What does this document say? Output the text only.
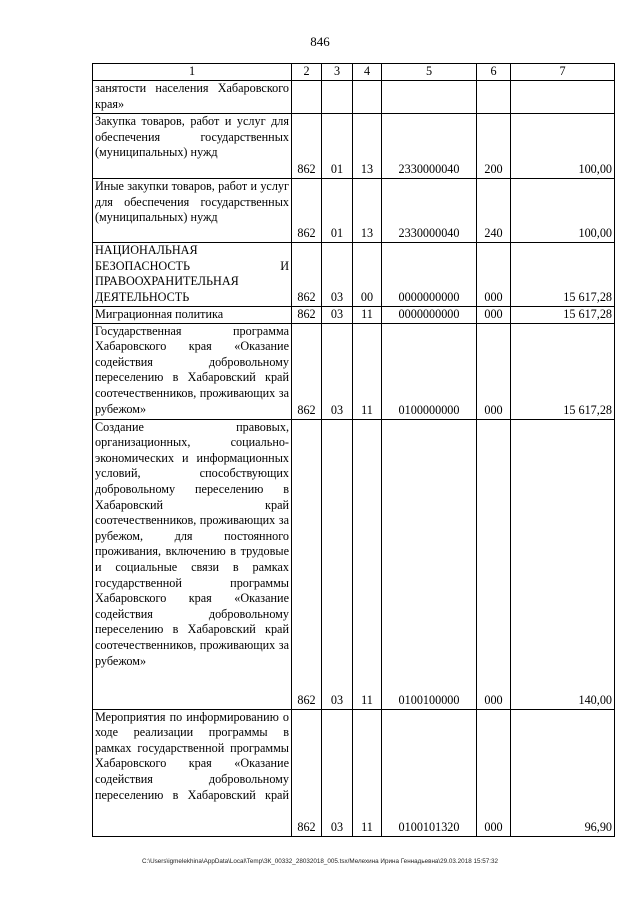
846
1	2	3	4	5	6	7
занятости населения Хабаровского края»						
Закупка товаров, работ и услуг для обеспечения государственных (муниципальных) нужд	862	01	13	2330000040	200	100,00
Иные закупки товаров, работ и услуг для обеспечения государственных (муниципальных) нужд	862	01	13	2330000040	240	100,00
НАЦИОНАЛЬНАЯ БЕЗОПАСНОСТЬ И ПРАВООХРАНИТЕЛЬНАЯ ДЕЯТЕЛЬНОСТЬ	862	03	00	0000000000	000	15 617,28
Миграционная политика	862	03	11	0000000000	000	15 617,28
Государственная программа Хабаровского края «Оказание содействия добровольному переселению в Хабаровский край соотечественников, проживающих за рубежом»	862	03	11	0100000000	000	15 617,28
Создание правовых, организационных, социально-экономических и информационных условий, способствующих добровольному переселению в Хабаровский край соотечественников, проживающих за рубежом, для постоянного проживания, включению в трудовые и социальные связи в рамках государственной программы Хабаровского края «Оказание содействия добровольному переселению в Хабаровский край соотечественников, проживающих за рубежом»	862	03	11	0100100000	000	140,00
Мероприятия по информированию о ходе реализации программы в рамках государственной программы Хабаровского края «Оказание содействия добровольному переселению в Хабаровский край	862	03	11	0100101320	000	96,90
C:\Users\igmelekhina\AppData\Local\Temp\ЗК_00332_28032018_005.tsx/Мелехина Ирина Геннадьевна\29.03.2018 15:57:32
